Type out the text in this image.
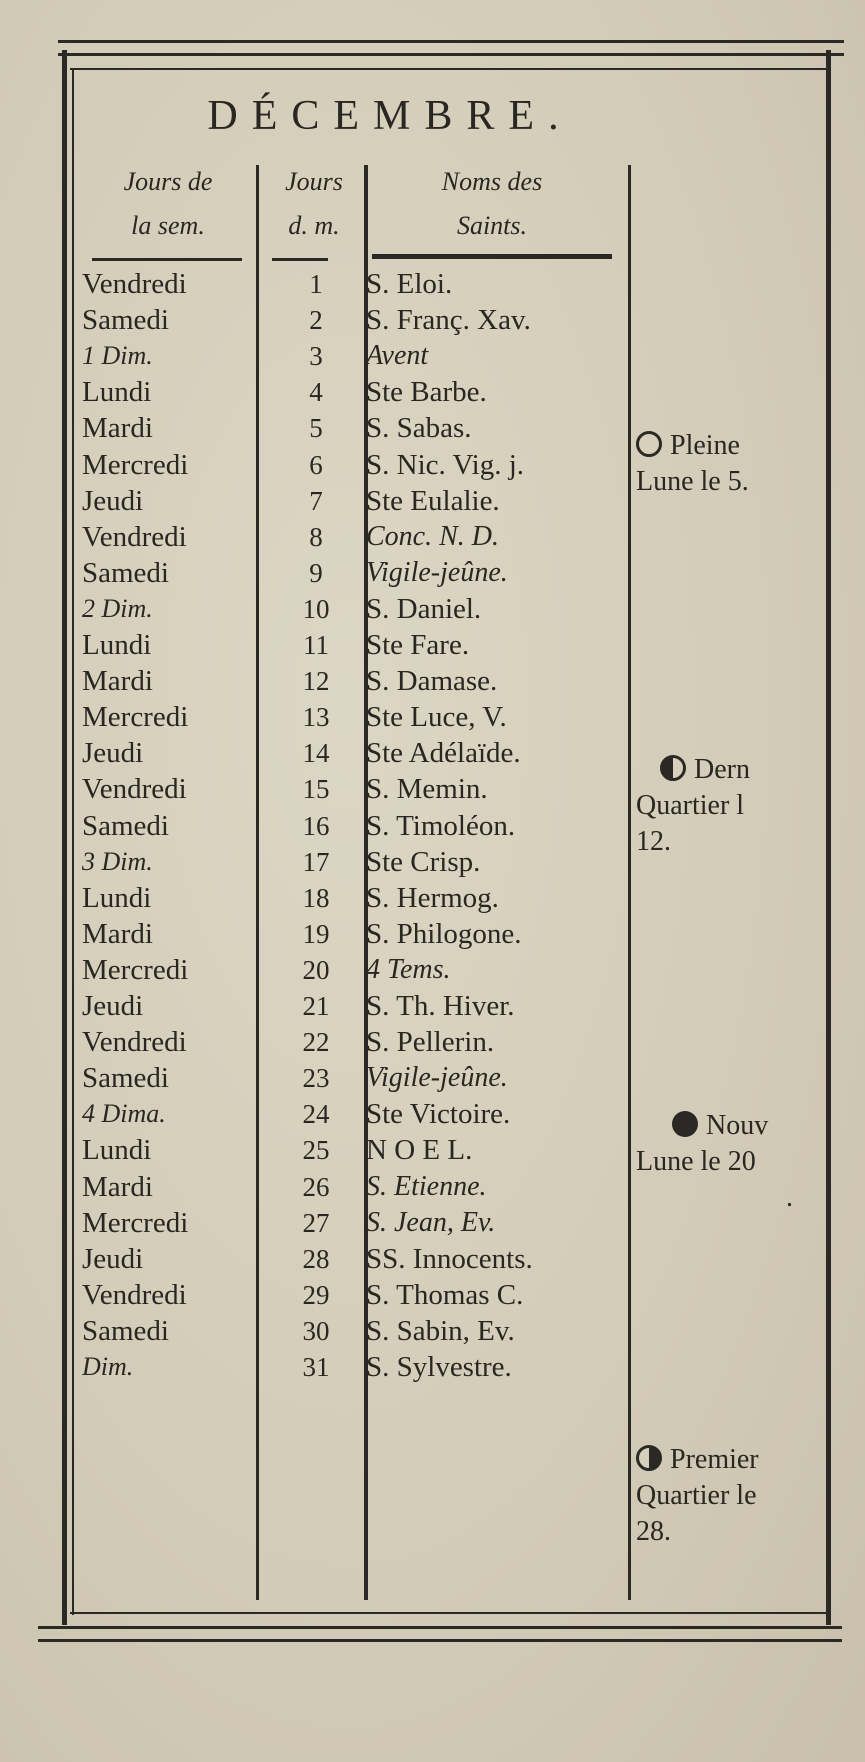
DÉCEMBRE.
Jours de
la sem.
Jours
d. m.
Noms des
Saints.
Vendredi	1	S. Eloi.
Samedi	2	S. Franç. Xav.
1 Dim.	3	Avent
Lundi	4	Ste Barbe.
Mardi	5	S. Sabas.
Mercredi	6	S. Nic. Vig. j.
Jeudi	7	Ste Eulalie.
Vendredi	8	Conc. N. D.
Samedi	9	Vigile-jeûne.
2 Dim.	10	S. Daniel.
Lundi	11	Ste Fare.
Mardi	12	S. Damase.
Mercredi	13	Ste Luce, V.
Jeudi	14	Ste Adélaïde.
Vendredi	15	S. Memin.
Samedi	16	S. Timoléon.
3 Dim.	17	Ste Crisp.
Lundi	18	S. Hermog.
Mardi	19	S. Philogone.
Mercredi	20	4 Tems.
Jeudi	21	S. Th. Hiver.
Vendredi	22	S. Pellerin.
Samedi	23	Vigile-jeûne.
4 Dima.	24	Ste Victoire.
Lundi	25	N O E L.
Mardi	26	S. Etienne.
Mercredi	27	S. Jean, Ev.
Jeudi	28	SS. Innocents.
Vendredi	29	S. Thomas C.
Samedi	30	S. Sabin, Ev.
Dim.	31	S. Sylvestre.
Pleine
Lune le 5.
Dern
Quartier l
12.
Nouv
Lune le 20
.
Premier
Quartier le
28.
